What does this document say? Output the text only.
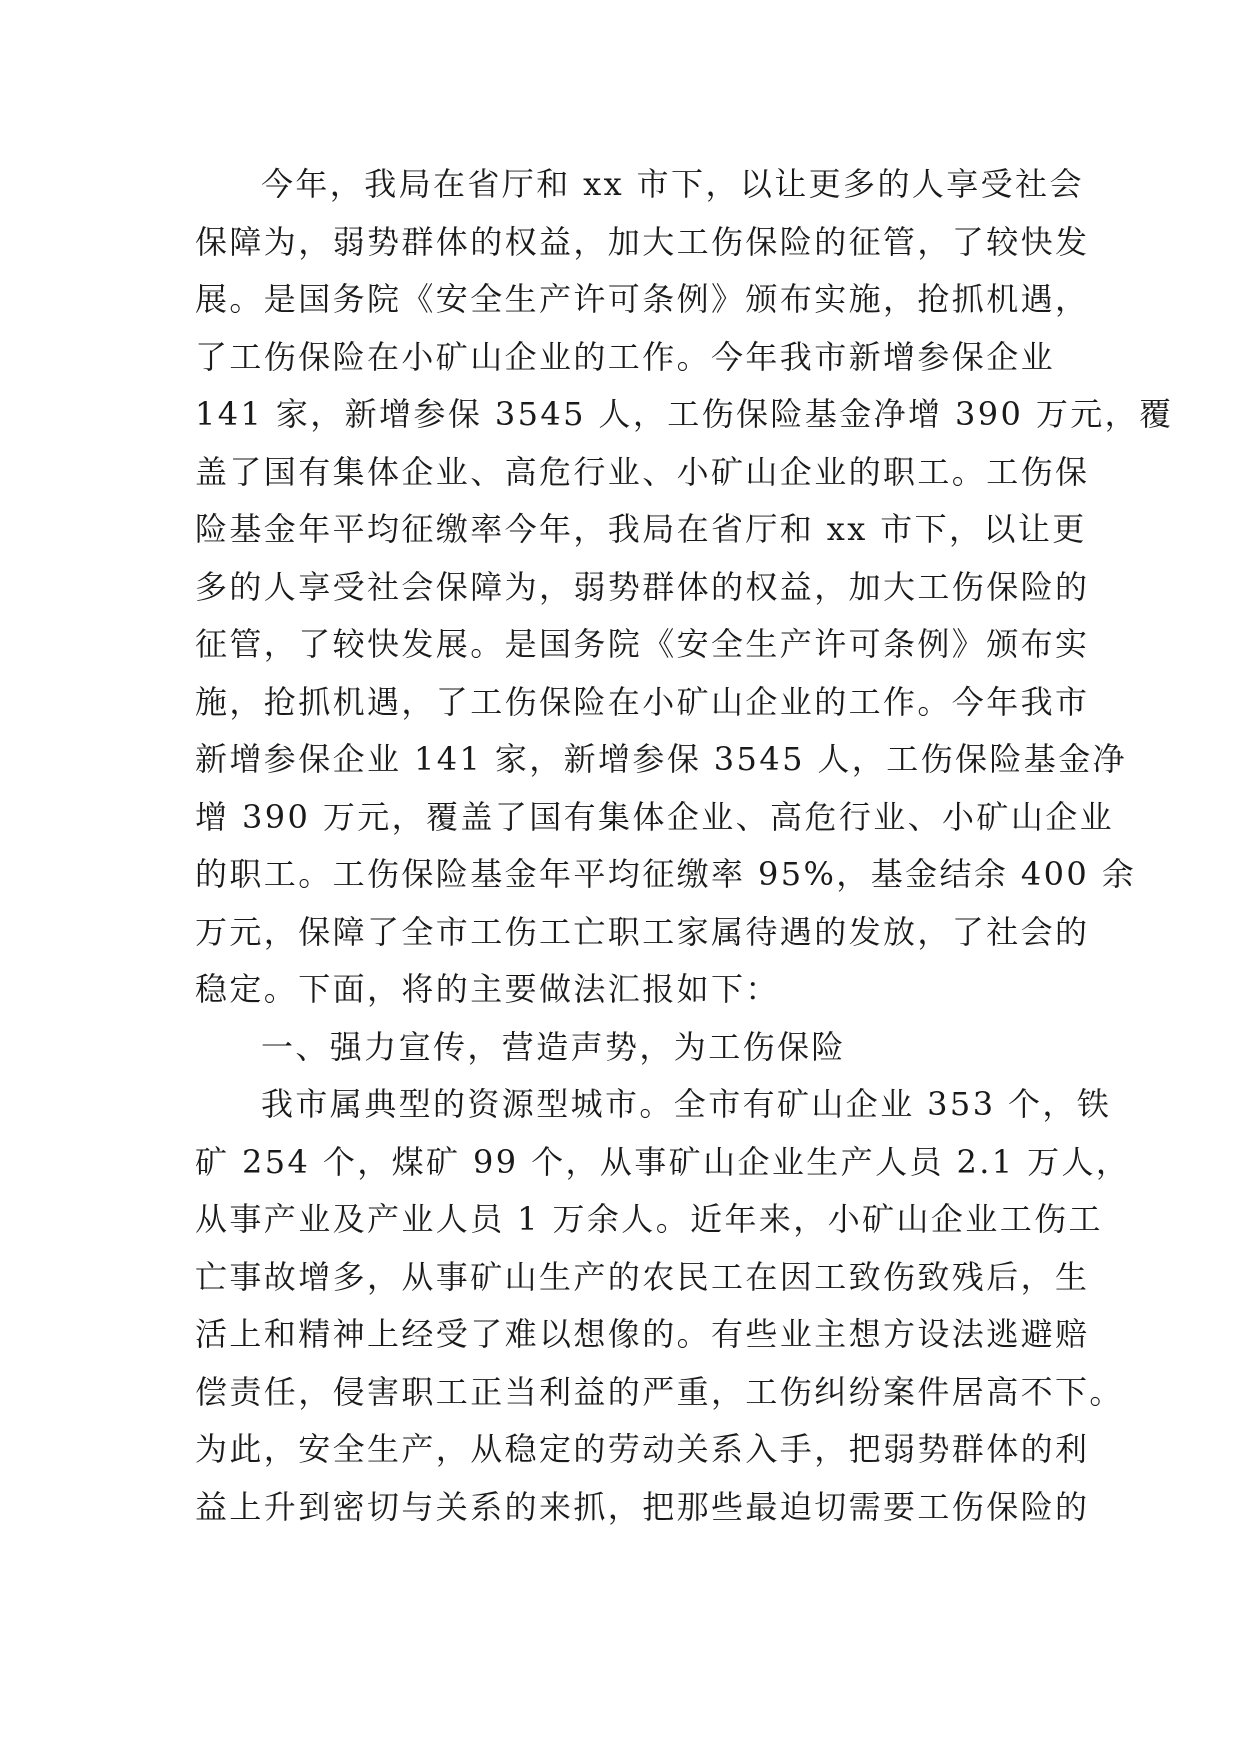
今年，我局在省厅和 xx 市下，以让更多的人享受社会
保障为，弱势群体的权益，加大工伤保险的征管，了较快发
展。是国务院《安全生产许可条例》颁布实施，抢抓机遇，
了工伤保险在小矿山企业的工作。今年我市新增参保企业
141 家，新增参保 3545 人，工伤保险基金净增 390 万元，覆
盖了国有集体企业、高危行业、小矿山企业的职工。工伤保
险基金年平均征缴率今年，我局在省厅和 xx 市下，以让更
多的人享受社会保障为，弱势群体的权益，加大工伤保险的
征管，了较快发展。是国务院《安全生产许可条例》颁布实
施，抢抓机遇，了工伤保险在小矿山企业的工作。今年我市
新增参保企业 141 家，新增参保 3545 人，工伤保险基金净
增 390 万元，覆盖了国有集体企业、高危行业、小矿山企业
的职工。工伤保险基金年平均征缴率 95%，基金结余 400 余
万元，保障了全市工伤工亡职工家属待遇的发放，了社会的
稳定。下面，将的主要做法汇报如下：
一、强力宣传，营造声势，为工伤保险
我市属典型的资源型城市。全市有矿山企业 353 个，铁
矿 254 个，煤矿 99 个，从事矿山企业生产人员 2.1 万人，
从事产业及产业人员 1 万余人。近年来，小矿山企业工伤工
亡事故增多，从事矿山生产的农民工在因工致伤致残后，生
活上和精神上经受了难以想像的。有些业主想方设法逃避赔
偿责任，侵害职工正当利益的严重，工伤纠纷案件居高不下。
为此，安全生产，从稳定的劳动关系入手，把弱势群体的利
益上升到密切与关系的来抓，把那些最迫切需要工伤保险的
